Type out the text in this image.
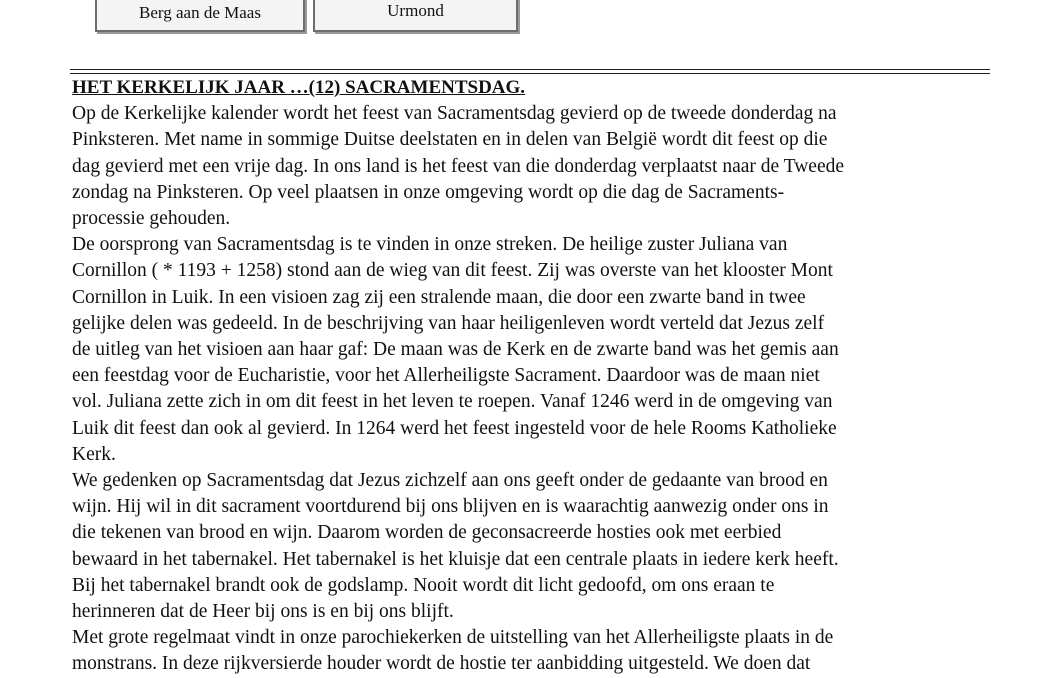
Berg aan de Maas	Urmond
HET KERKELIJK JAAR …(12) SACRAMENTSDAG.
Op de Kerkelijke kalender wordt het feest van Sacramentsdag gevierd op de tweede donderdag na
Pinksteren. Met name in sommige Duitse deelstaten en in delen van België wordt dit feest op die
dag gevierd met een vrije dag. In ons land is het feest van die donderdag verplaatst naar de Tweede
zondag na Pinksteren. Op veel plaatsen in onze omgeving wordt op die dag de Sacraments-
processie gehouden.
De oorsprong van Sacramentsdag is te vinden in onze streken. De heilige zuster Juliana van
Cornillon ( * 1193 + 1258) stond aan de wieg van dit feest. Zij was overste van het klooster Mont
Cornillon in Luik. In een visioen zag zij een stralende maan, die door een zwarte band in twee
gelijke delen was gedeeld. In de beschrijving van haar heiligenleven wordt verteld dat Jezus zelf
de uitleg van het visioen aan haar gaf: De maan was de Kerk en de zwarte band was het gemis aan
een feestdag voor de Eucharistie, voor het Allerheiligste Sacrament. Daardoor was de maan niet
vol. Juliana zette zich in om dit feest in het leven te roepen. Vanaf 1246 werd in de omgeving van
Luik dit feest dan ook al gevierd. In 1264 werd het feest ingesteld voor de hele Rooms Katholieke
Kerk.
We gedenken op Sacramentsdag dat Jezus zichzelf aan ons geeft onder de gedaante van brood en
wijn. Hij wil in dit sacrament voortdurend bij ons blijven en is waarachtig aanwezig onder ons in
die tekenen van brood en wijn. Daarom worden de geconsacreerde hosties ook met eerbied
bewaard in het tabernakel. Het tabernakel is het kluisje dat een centrale plaats in iedere kerk heeft.
Bij het tabernakel brandt ook de godslamp. Nooit wordt dit licht gedoofd, om ons eraan te
herinneren dat de Heer bij ons is en bij ons blijft.
Met grote regelmaat vindt in onze parochiekerken de uitstelling van het Allerheiligste plaats in de
monstrans. In deze rijkversierde houder wordt de hostie ter aanbidding uitgesteld. We doen dat
